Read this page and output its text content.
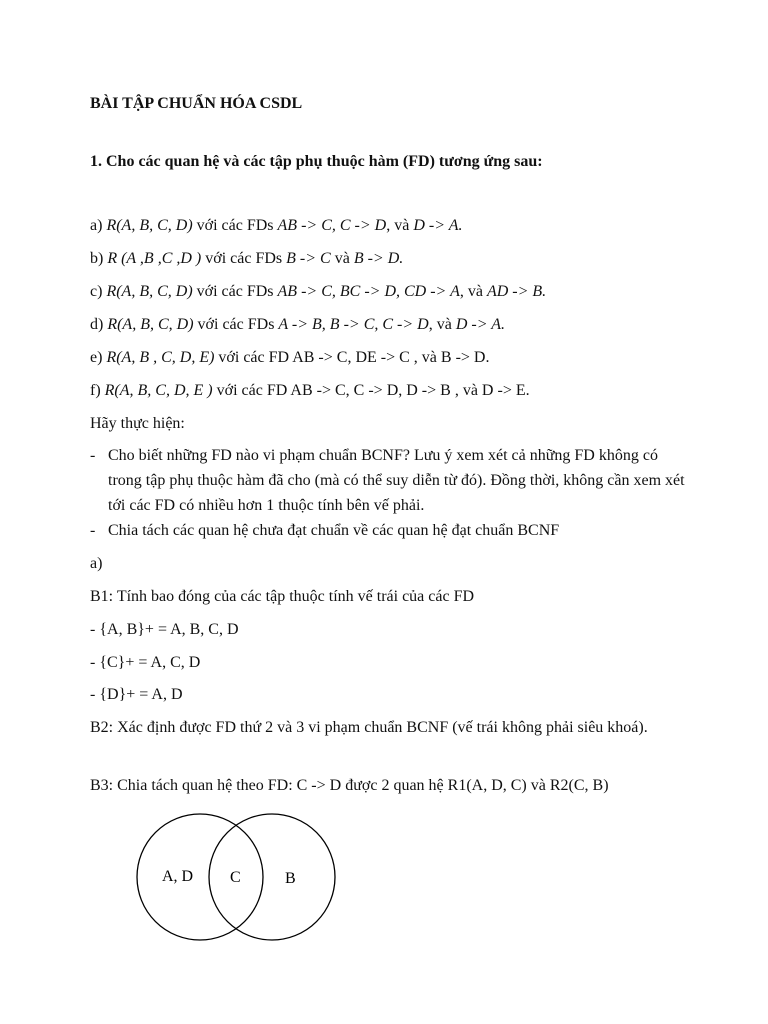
BÀI TẬP CHUẨN HÓA CSDL
1. Cho các quan hệ và các tập phụ thuộc hàm (FD) tương ứng sau:
a) R(A, B, C, D) với các FDs AB -> C, C -> D, và D -> A.
b) R (A ,B ,C ,D ) với các FDs B -> C và B -> D.
c) R(A, B, C, D) với các FDs AB -> C, BC -> D, CD -> A, và AD -> B.
d) R(A, B, C, D) với các FDs A -> B, B -> C, C -> D, và D -> A.
e) R(A, B , C, D, E) với các FD AB -> C, DE -> C , và B -> D.
f) R(A, B, C, D, E ) với các FD AB -> C, C -> D, D -> B , và D -> E.
Hãy thực hiện:
- Cho biết những FD nào vi phạm chuẩn BCNF? Lưu ý xem xét cả những FD không có trong tập phụ thuộc hàm đã cho (mà có thể suy diễn từ đó). Đồng thời, không cần xem xét tới các FD có nhiều hơn 1 thuộc tính bên vế phải.
- Chia tách các quan hệ chưa đạt chuẩn về các quan hệ đạt chuẩn BCNF
a)
B1: Tính bao đóng của các tập thuộc tính vế trái của các FD
- {A, B}+ = A, B, C, D
- {C}+ = A, C, D
- {D}+ = A, D
B2: Xác định được FD thứ 2 và 3 vi phạm chuẩn BCNF (vế trái không phải siêu khoá).
B3: Chia tách quan hệ theo FD: C -> D được 2 quan hệ R1(A, D, C) và R2(C, B)
A, D C	B
